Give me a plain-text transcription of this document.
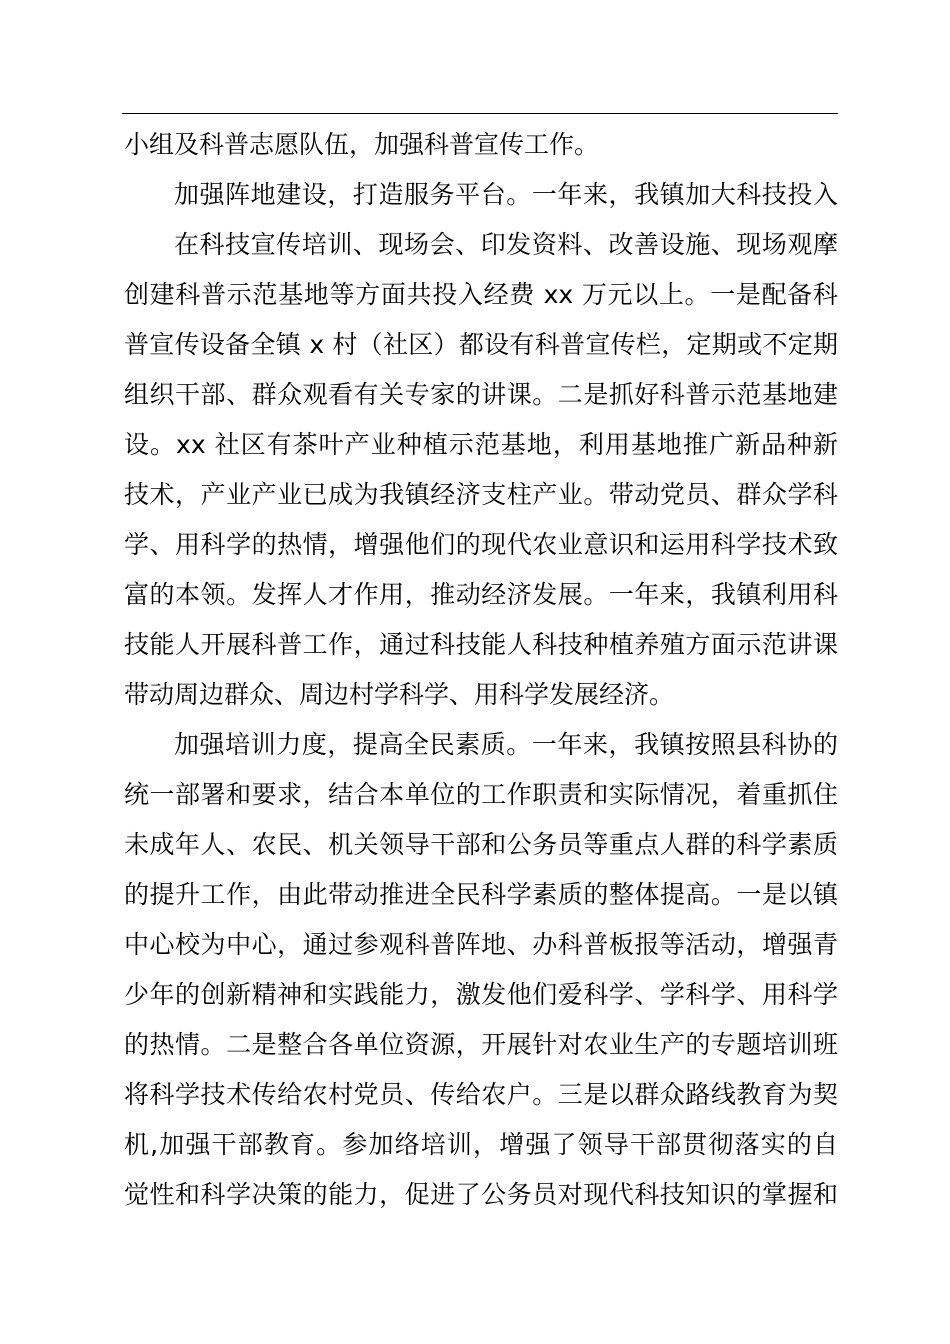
小组及科普志愿队伍，加强科普宣传工作。
加强阵地建设，打造服务平台。一年来，我镇加大科技投入
在科技宣传培训、现场会、印发资料、改善设施、现场观摩
创建科普示范基地等方面共投入经费 xx 万元以上。一是配备科
普宣传设备全镇 x 村（社区）都设有科普宣传栏，定期或不定期
组织干部、群众观看有关专家的讲课。二是抓好科普示范基地建
设。xx 社区有茶叶产业种植示范基地，利用基地推广新品种新
技术，产业产业已成为我镇经济支柱产业。带动党员、群众学科
学、用科学的热情，增强他们的现代农业意识和运用科学技术致
富的本领。发挥人才作用，推动经济发展。一年来，我镇利用科
技能人开展科普工作，通过科技能人科技种植养殖方面示范讲课
带动周边群众、周边村学科学、用科学发展经济。
加强培训力度，提高全民素质。一年来，我镇按照县科协的
统一部署和要求，结合本单位的工作职责和实际情况，着重抓住
未成年人、农民、机关领导干部和公务员等重点人群的科学素质
的提升工作，由此带动推进全民科学素质的整体提高。一是以镇
中心校为中心，通过参观科普阵地、办科普板报等活动，增强青
少年的创新精神和实践能力，激发他们爱科学、学科学、用科学
的热情。二是整合各单位资源，开展针对农业生产的专题培训班
将科学技术传给农村党员、传给农户。三是以群众路线教育为契
机,加强干部教育。参加络培训，增强了领导干部贯彻落实的自
觉性和科学决策的能力，促进了公务员对现代科技知识的掌握和
